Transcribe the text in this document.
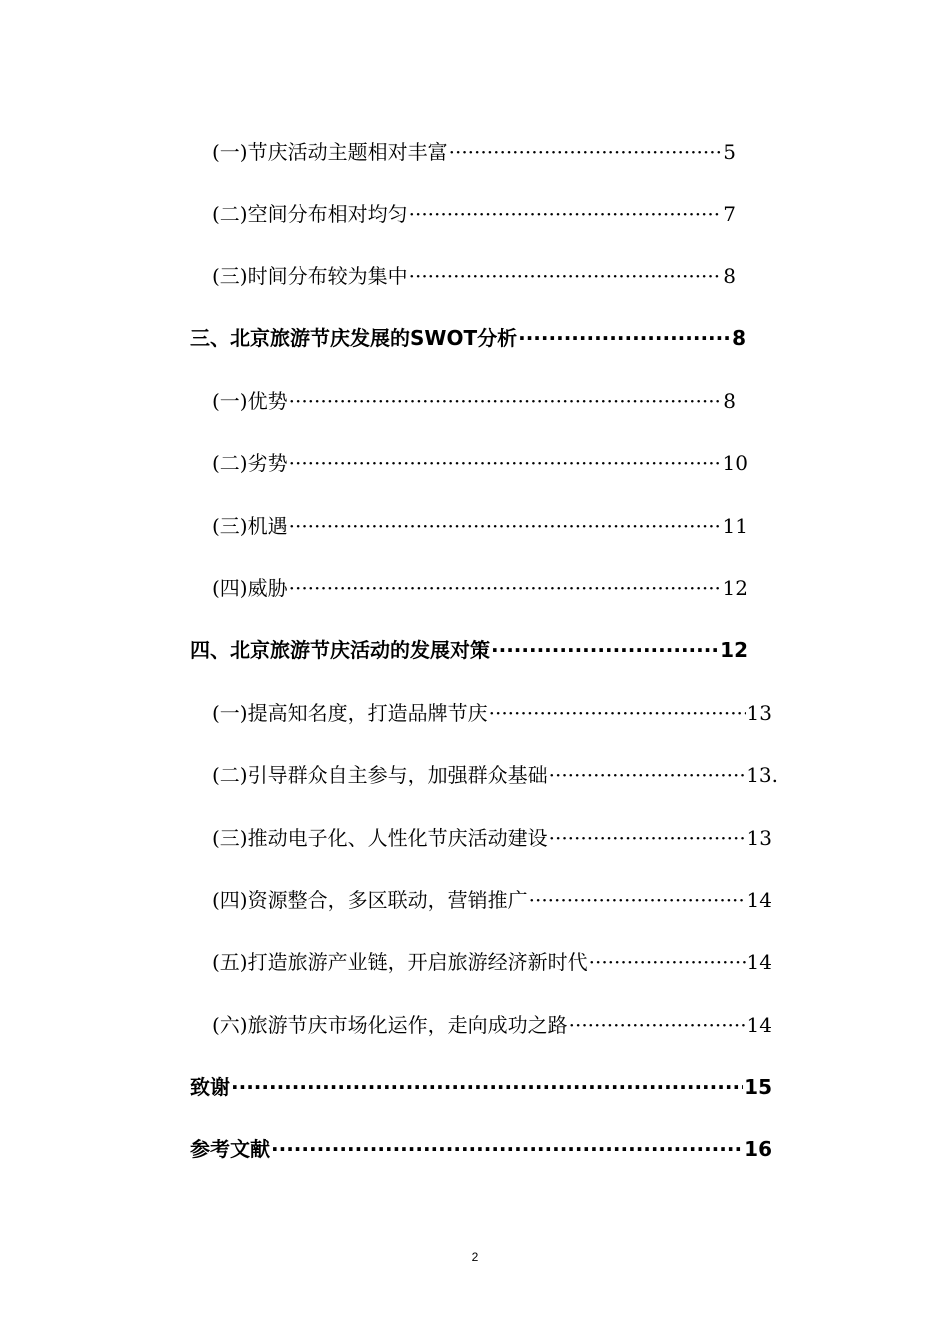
(一)节庆活动主题相对丰富 ·····	5
(二)空间分布相对均匀 ·····	7
(三)时间分布较为集中 ·····	8
三、北京旅游节庆发展的SWOT分析 ·····	8
(一)优势 ·····	8
(二)劣势 ·····	10
(三)机遇 ·····	11
(四)威胁 ·····	12
四、北京旅游节庆活动的发展对策 ·····	12
(一)提高知名度，打造品牌节庆 ·····	13
(二)引导群众自主参与，加强群众基础 ·····	13.
(三)推动电子化、人性化节庆活动建设 ·····	13
(四)资源整合，多区联动，营销推广 ·····	14
(五)打造旅游产业链，开启旅游经济新时代 ·····	14
(六)旅游节庆市场化运作，走向成功之路 ·····	14
致谢 ·····	15
参考文献 ·····	16
2
